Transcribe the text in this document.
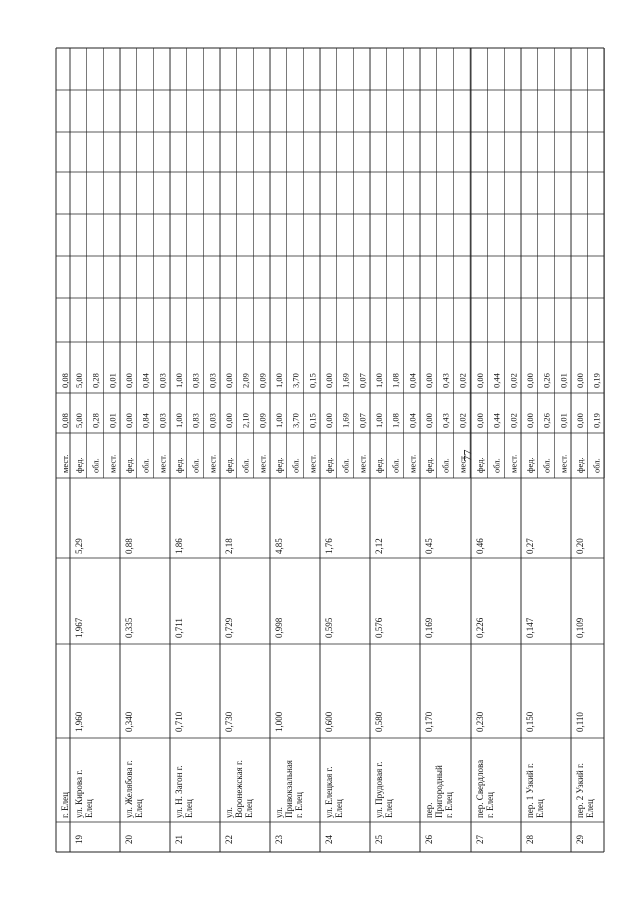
77
г. Елец
мест.
0,08
0,08
19
ул. Кирова г. Елец
1,960
1,967
5,29
фед.
5,00
5,00
обл.
0,28
0,28
мест.
0,01
0,01
20
ул. Желябова г. Елец
0,340
0,335
0,88
фед.
0,00
0,00
обл.
0,84
0,84
мест.
0,03
0,03
21
ул. Н. Загон г. Елец
0,710
0,711
1,86
фед.
1,00
1,00
обл.
0,83
0,83
мест.
0,03
0,03
22
ул. Воронежская г. Елец
0,730
0,729
2,18
фед.
0,00
0,00
обл.
2,10
2,09
мест.
0,09
0,09
23
ул. Привокзальная г. Елец
1,000
0,998
4,85
фед.
1,00
1,00
обл.
3,70
3,70
мест.
0,15
0,15
24
ул. Елецкая г. Елец
0,600
0,595
1,76
фед.
0,00
0,00
обл.
1,69
1,69
мест.
0,07
0,07
25
ул. Прудовая г. Елец
0,580
0,576
2,12
фед.
1,00
1,00
обл.
1,08
1,08
мест.
0,04
0,04
26
пер. Пригородный г. Елец
0,170
0,169
0,45
фед.
0,00
0,00
обл.
0,43
0,43
мест.
0,02
0,02
27
пер. Свердлова г. Елец
0,230
0,226
0,46
фед.
0,00
0,00
обл.
0,44
0,44
мест.
0,02
0,02
28
пер. 1 Узкий г. Елец
0,150
0,147
0,27
фед.
0,00
0,00
обл.
0,26
0,26
мест.
0,01
0,01
29
пер. 2 Узкий г. Елец
0,110
0,109
0,20
фед.
0,00
0,00
обл.
0,19
0,19
